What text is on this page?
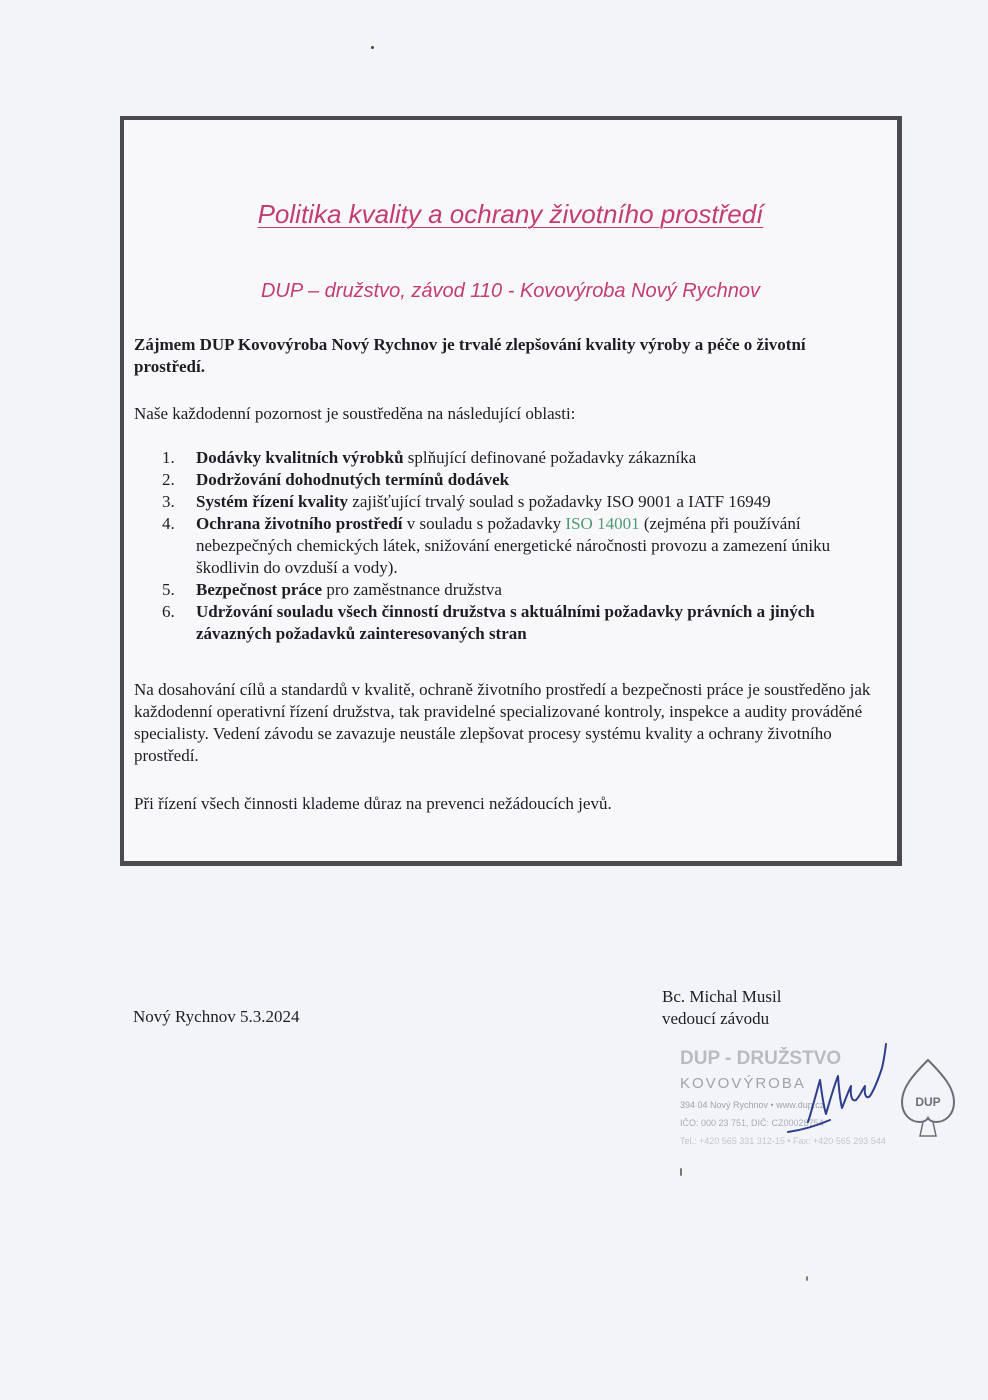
Politika kvality a ochrany životního prostředí
DUP – družstvo, závod 110 - Kovovýroba Nový Rychnov
Zájmem DUP Kovovýroba Nový Rychnov je trvalé zlepšování kvality výroby a péče o životní prostředí.
Naše každodenní pozornost je soustředěna na následující oblasti:
1. Dodávky kvalitních výrobků splňující definované požadavky zákazníka
2. Dodržování dohodnutých termínů dodávek
3. Systém řízení kvality zajišťující trvalý soulad s požadavky ISO 9001 a IATF 16949
4. Ochrana životního prostředí v souladu s požadavky ISO 14001 (zejména při používání nebezpečných chemických látek, snižování energetické náročnosti provozu a zamezení úniku škodlivin do ovzduší a vody).
5. Bezpečnost práce pro zaměstnance družstva
6. Udržování souladu všech činností družstva s aktuálními požadavky právních a jiných závazných požadavků zainteresovaných stran
Na dosahování cílů a standardů v kvalitě, ochraně životního prostředí a bezpečnosti práce je soustředěno jak každodenní operativní řízení družstva, tak pravidelné specializované kontroly, inspekce a audity prováděné specialisty. Vedení závodu se zavazuje neustále zlepšovat procesy systému kvality a ochrany životního prostředí.
Při řízení všech činnosti klademe důraz na prevenci nežádoucích jevů.
Nový Rychnov 5.3.2024
Bc. Michal Musil
vedoucí závodu
DUP - DRUŽSTVO
KOVOVÝROBA
394 04 Nový Rychnov • www.dup.cz
IČO: 000 23 751, DIČ: CZ00028754
Tel.: +420 565 331 312-15 • Fax: +420 565 293 544
DUP
